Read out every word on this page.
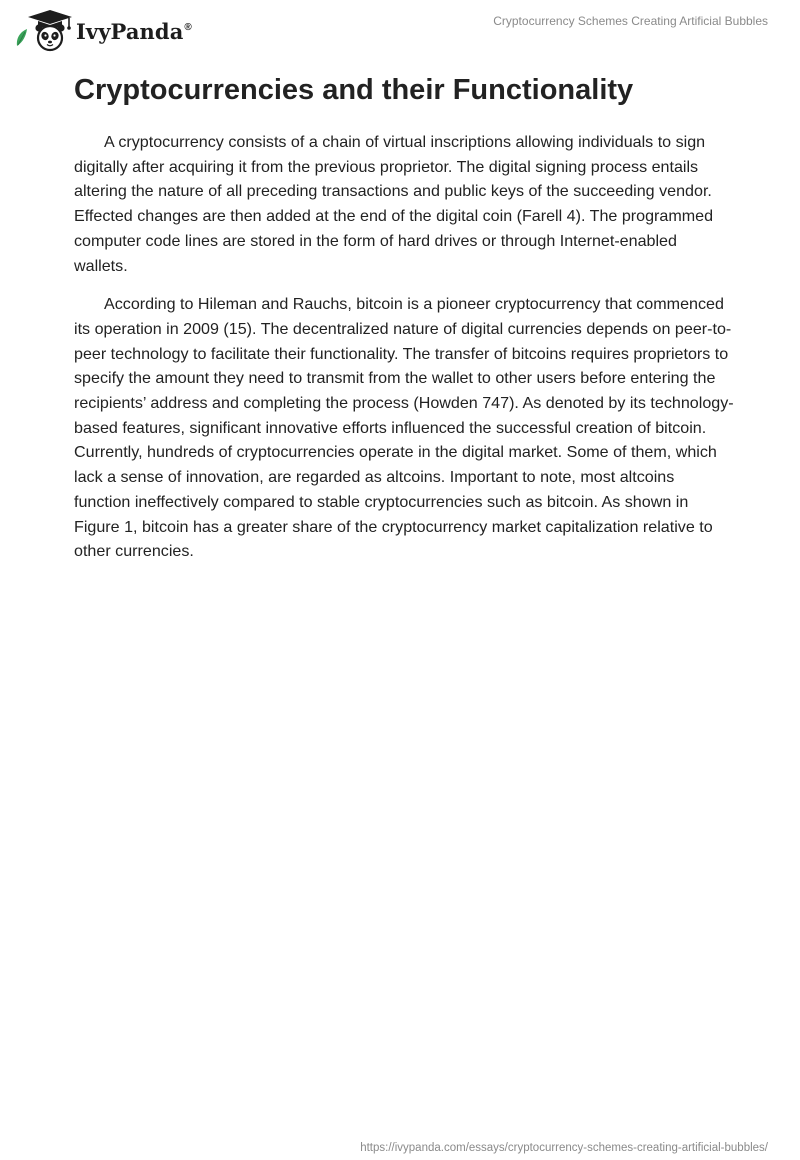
IvyPanda®	Cryptocurrency Schemes Creating Artificial Bubbles
Cryptocurrencies and their Functionality

A cryptocurrency consists of a chain of virtual inscriptions allowing individuals to sign digitally after acquiring it from the previous proprietor. The digital signing process entails altering the nature of all preceding transactions and public keys of the succeeding vendor. Effected changes are then added at the end of the digital coin (Farell 4). The programmed computer code lines are stored in the form of hard drives or through Internet-enabled wallets.

According to Hileman and Rauchs, bitcoin is a pioneer cryptocurrency that commenced its operation in 2009 (15). The decentralized nature of digital currencies depends on peer-to-peer technology to facilitate their functionality. The transfer of bitcoins requires proprietors to specify the amount they need to transmit from the wallet to other users before entering the recipients’ address and completing the process (Howden 747). As denoted by its technology-based features, significant innovative efforts influenced the successful creation of bitcoin. Currently, hundreds of cryptocurrencies operate in the digital market. Some of them, which lack a sense of innovation, are regarded as altcoins. Important to note, most altcoins function ineffectively compared to stable cryptocurrencies such as bitcoin. As shown in Figure 1, bitcoin has a greater share of the cryptocurrency market capitalization relative to other currencies.

https://ivypanda.com/essays/cryptocurrency-schemes-creating-artificial-bubbles/
